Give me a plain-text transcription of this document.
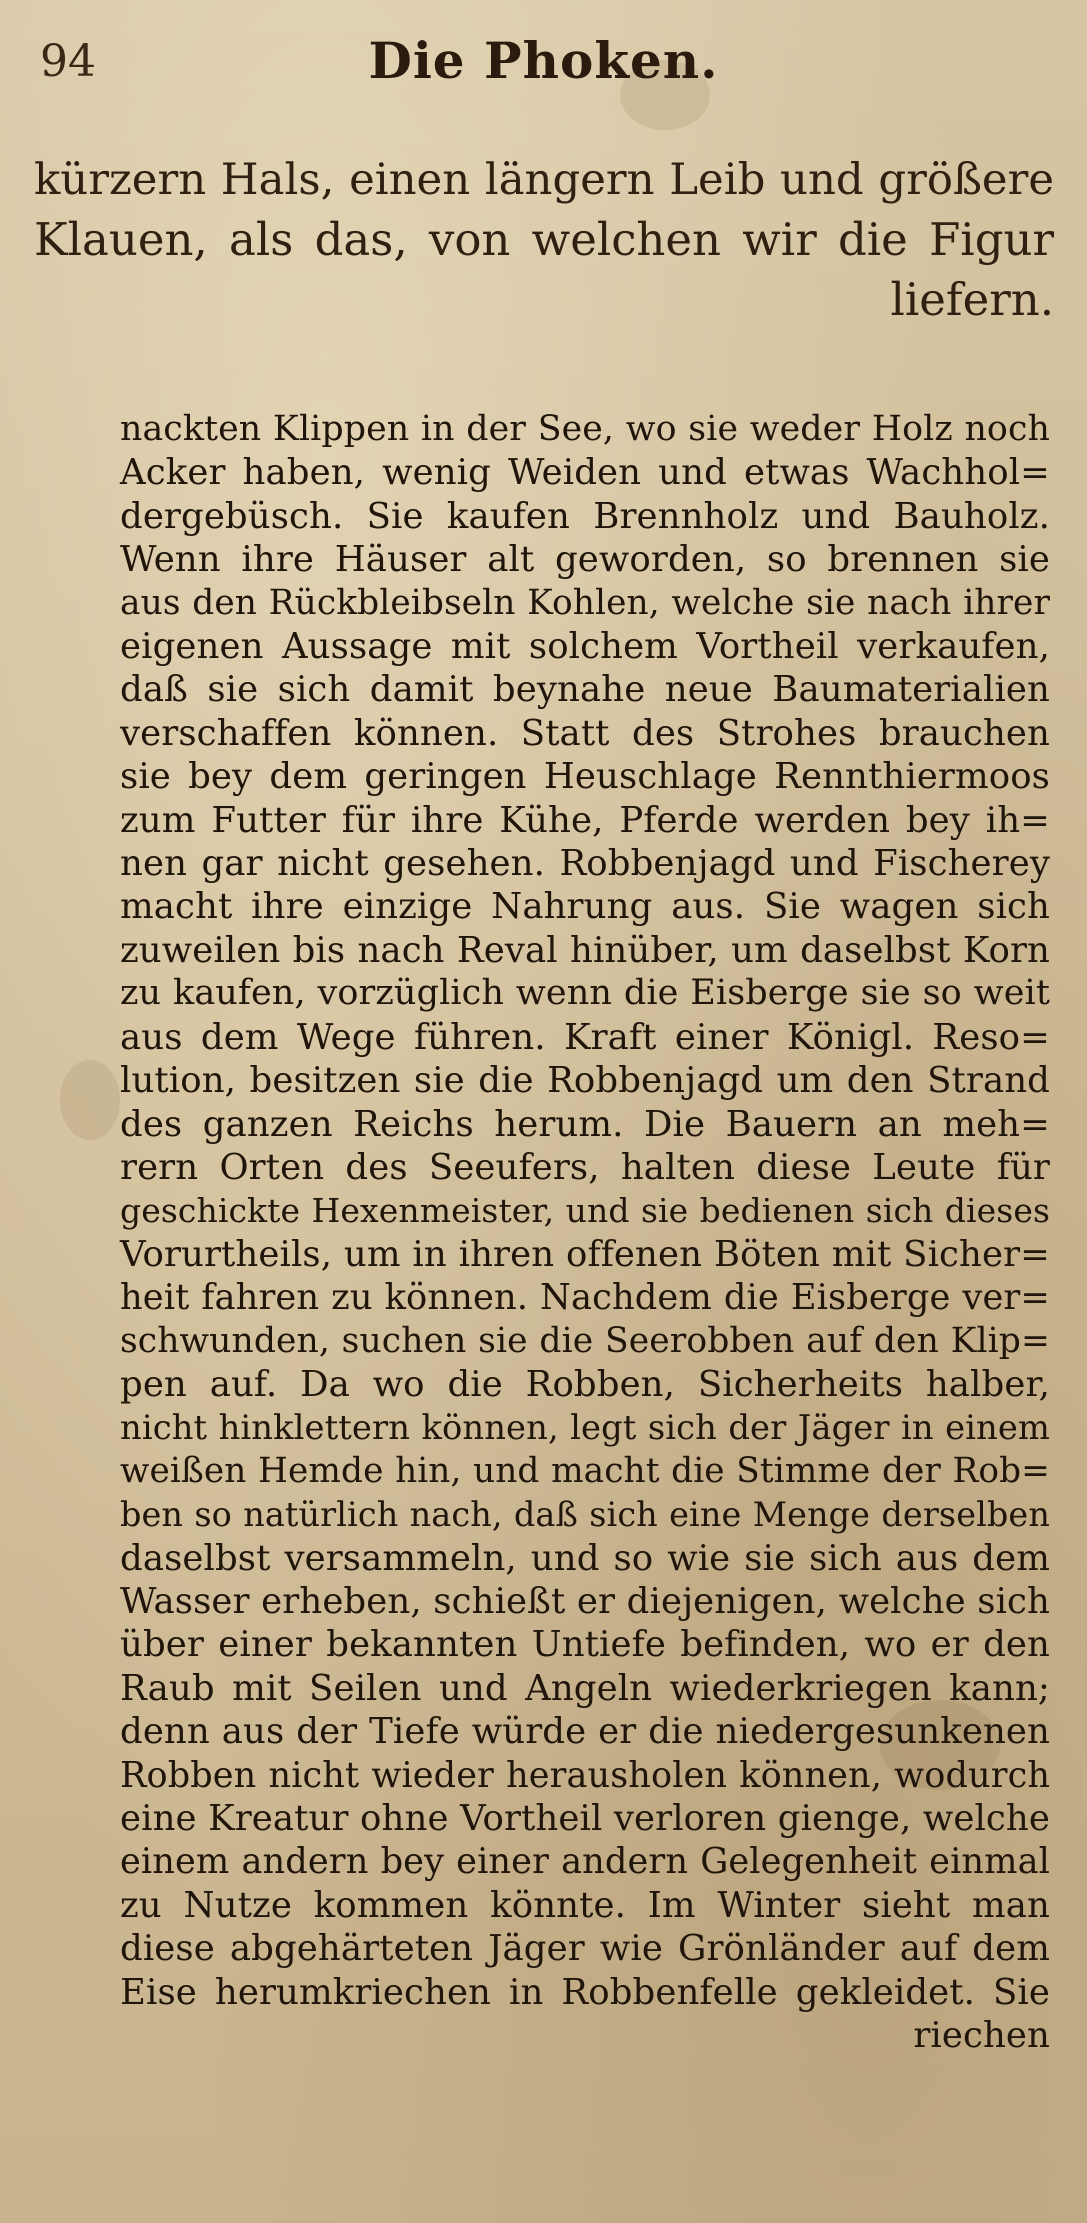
94	Die Phoken.
kürzern Hals, einen längern Leib und größere
Klauen, als das, von welchen wir die Figur
liefern.
nackten Klippen in der See, wo sie weder Holz noch
Acker haben, wenig Weiden und etwas Wachhol=
dergebüsch. Sie kaufen Brennholz und Bauholz.
Wenn ihre Häuser alt geworden, so brennen sie
aus den Rückbleibseln Kohlen, welche sie nach ihrer
eigenen Aussage mit solchem Vortheil verkaufen,
daß sie sich damit beynahe neue Baumaterialien
verschaffen können. Statt des Strohes brauchen
sie bey dem geringen Heuschlage Rennthiermoos
zum Futter für ihre Kühe, Pferde werden bey ih=
nen gar nicht gesehen. Robbenjagd und Fischerey
macht ihre einzige Nahrung aus. Sie wagen sich
zuweilen bis nach Reval hinüber, um daselbst Korn
zu kaufen, vorzüglich wenn die Eisberge sie so weit
aus dem Wege führen. Kraft einer Königl. Reso=
lution, besitzen sie die Robbenjagd um den Strand
des ganzen Reichs herum. Die Bauern an meh=
rern Orten des Seeufers, halten diese Leute für
geschickte Hexenmeister, und sie bedienen sich dieses
Vorurtheils, um in ihren offenen Böten mit Sicher=
heit fahren zu können. Nachdem die Eisberge ver=
schwunden, suchen sie die Seerobben auf den Klip=
pen auf. Da wo die Robben, Sicherheits halber,
nicht hinklettern können, legt sich der Jäger in einem
weißen Hemde hin, und macht die Stimme der Rob=
ben so natürlich nach, daß sich eine Menge derselben
daselbst versammeln, und so wie sie sich aus dem
Wasser erheben, schießt er diejenigen, welche sich
über einer bekannten Untiefe befinden, wo er den
Raub mit Seilen und Angeln wiederkriegen kann;
denn aus der Tiefe würde er die niedergesunkenen
Robben nicht wieder herausholen können, wodurch
eine Kreatur ohne Vortheil verloren gienge, welche
einem andern bey einer andern Gelegenheit einmal
zu Nutze kommen könnte. Im Winter sieht man
diese abgehärteten Jäger wie Grönländer auf dem
Eise herumkriechen in Robbenfelle gekleidet. Sie
riechen
